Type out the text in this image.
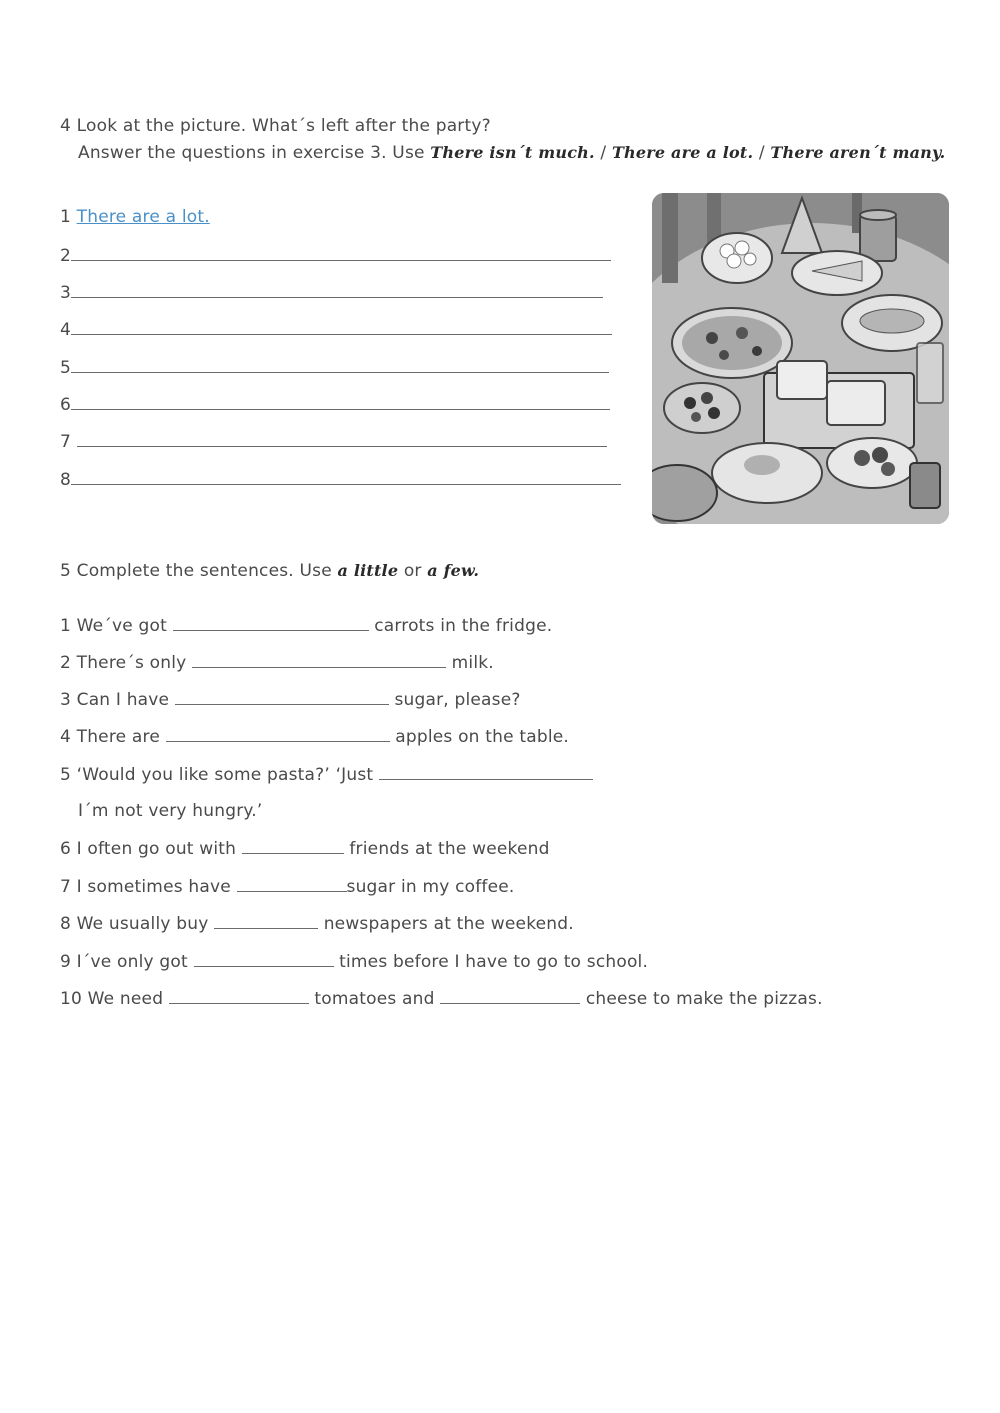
4 Look at the picture. What´s left after the party?
Answer the questions in exercise 3. Use There isn´t much. / There are a lot. / There aren´t many.
1 There are a lot.
2
3
4
5
6
7
8
5 Complete the sentences. Use a little or a few.
1 We´ve got	carrots in the fridge.
2 There´s only	milk.
3 Can I have	sugar, please?
4 There are	apples on the table.
5 ‘Would you like some pasta?’ ‘Just
I´m not very hungry.’
6 I often go out with	friends at the weekend
7 I sometimes have	sugar in my coffee.
8 We usually buy	newspapers at the weekend.
9 I´ve only got	times before I have to go to school.
10 We need	tomatoes and	cheese to make the pizzas.
